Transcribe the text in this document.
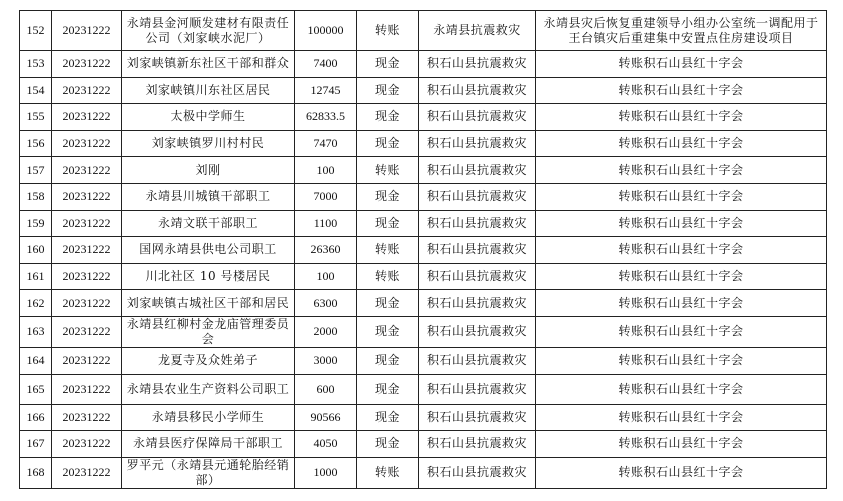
152	20231222	永靖县金河顺发建材有限责任公司（刘家峡水泥厂）	100000	转账	永靖县抗震救灾	永靖县灾后恢复重建领导小组办公室统一调配用于王台镇灾后重建集中安置点住房建设项目
153	20231222	刘家峡镇新东社区干部和群众	7400	现金	积石山县抗震救灾	转账积石山县红十字会
154	20231222	刘家峡镇川东社区居民	12745	现金	积石山县抗震救灾	转账积石山县红十字会
155	20231222	太极中学师生	62833.5	现金	积石山县抗震救灾	转账积石山县红十字会
156	20231222	刘家峡镇罗川村村民	7470	现金	积石山县抗震救灾	转账积石山县红十字会
157	20231222	刘刚	100	转账	积石山县抗震救灾	转账积石山县红十字会
158	20231222	永靖县川城镇干部职工	7000	现金	积石山县抗震救灾	转账积石山县红十字会
159	20231222	永靖文联干部职工	1100	现金	积石山县抗震救灾	转账积石山县红十字会
160	20231222	国网永靖县供电公司职工	26360	转账	积石山县抗震救灾	转账积石山县红十字会
161	20231222	川北社区 10 号楼居民	100	转账	积石山县抗震救灾	转账积石山县红十字会
162	20231222	刘家峡镇古城社区干部和居民	6300	现金	积石山县抗震救灾	转账积石山县红十字会
163	20231222	永靖县红柳村金龙庙管理委员会	2000	现金	积石山县抗震救灾	转账积石山县红十字会
164	20231222	龙夏寺及众姓弟子	3000	现金	积石山县抗震救灾	转账积石山县红十字会
165	20231222	永靖县农业生产资料公司职工	600	现金	积石山县抗震救灾	转账积石山县红十字会
166	20231222	永靖县移民小学师生	90566	现金	积石山县抗震救灾	转账积石山县红十字会
167	20231222	永靖县医疗保障局干部职工	4050	现金	积石山县抗震救灾	转账积石山县红十字会
168	20231222	罗平元（永靖县元通轮胎经销部）	1000	转账	积石山县抗震救灾	转账积石山县红十字会
